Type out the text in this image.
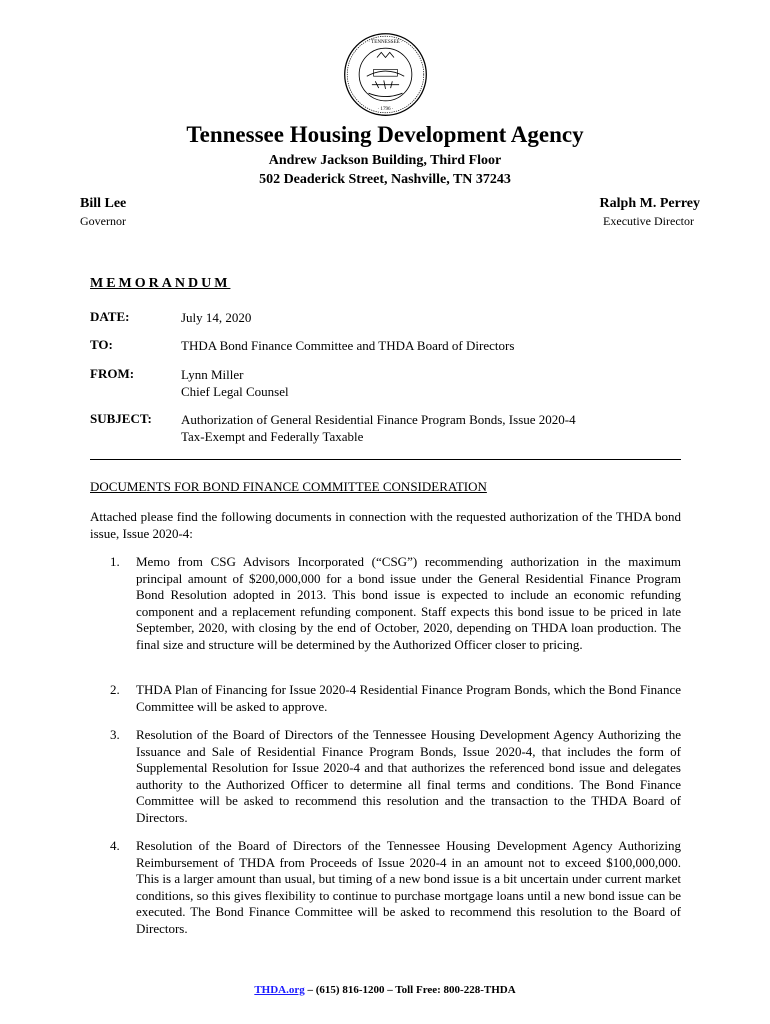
· TENNESSEE ·
· 1796 ·
Tennessee Housing Development Agency
Andrew Jackson Building, Third Floor
502 Deaderick Street, Nashville, TN 37243
Bill Lee
Governor
Ralph M. Perrey
Executive Director
MEMORANDUM
DATE:	July 14, 2020
TO:	THDA Bond Finance Committee and THDA Board of Directors
FROM:	Lynn Miller
Chief Legal Counsel
SUBJECT: Authorization of General Residential Finance Program Bonds, Issue 2020-4
Tax-Exempt and Federally Taxable
DOCUMENTS FOR BOND FINANCE COMMITTEE CONSIDERATION
Attached please find the following documents in connection with the requested authorization of the THDA bond issue, Issue 2020-4:
1.	Memo from CSG Advisors Incorporated (“CSG”) recommending authorization in the maximum principal amount of $200,000,000 for a bond issue under the General Residential Finance Program Bond Resolution adopted in 2013. This bond issue is expected to include an economic refunding component and a replacement refunding component. Staff expects this bond issue to be priced in late September, 2020, with closing by the end of October, 2020, depending on THDA loan production. The final size and structure will be determined by the Authorized Officer closer to pricing.
2.	THDA Plan of Financing for Issue 2020-4 Residential Finance Program Bonds, which the Bond Finance Committee will be asked to approve.
3.	Resolution of the Board of Directors of the Tennessee Housing Development Agency Authorizing the Issuance and Sale of Residential Finance Program Bonds, Issue 2020-4, that includes the form of Supplemental Resolution for Issue 2020-4 and that authorizes the referenced bond issue and delegates authority to the Authorized Officer to determine all final terms and conditions. The Bond Finance Committee will be asked to recommend this resolution and the transaction to the THDA Board of Directors.
4.	Resolution of the Board of Directors of the Tennessee Housing Development Agency Authorizing Reimbursement of THDA from Proceeds of Issue 2020-4 in an amount not to exceed $100,000,000. This is a larger amount than usual, but timing of a new bond issue is a bit uncertain under current market conditions, so this gives flexibility to continue to purchase mortgage loans until a new bond issue can be executed. The Bond Finance Committee will be asked to recommend this resolution to the Board of Directors.
THDA.org – (615) 816-1200 – Toll Free: 800-228-THDA
